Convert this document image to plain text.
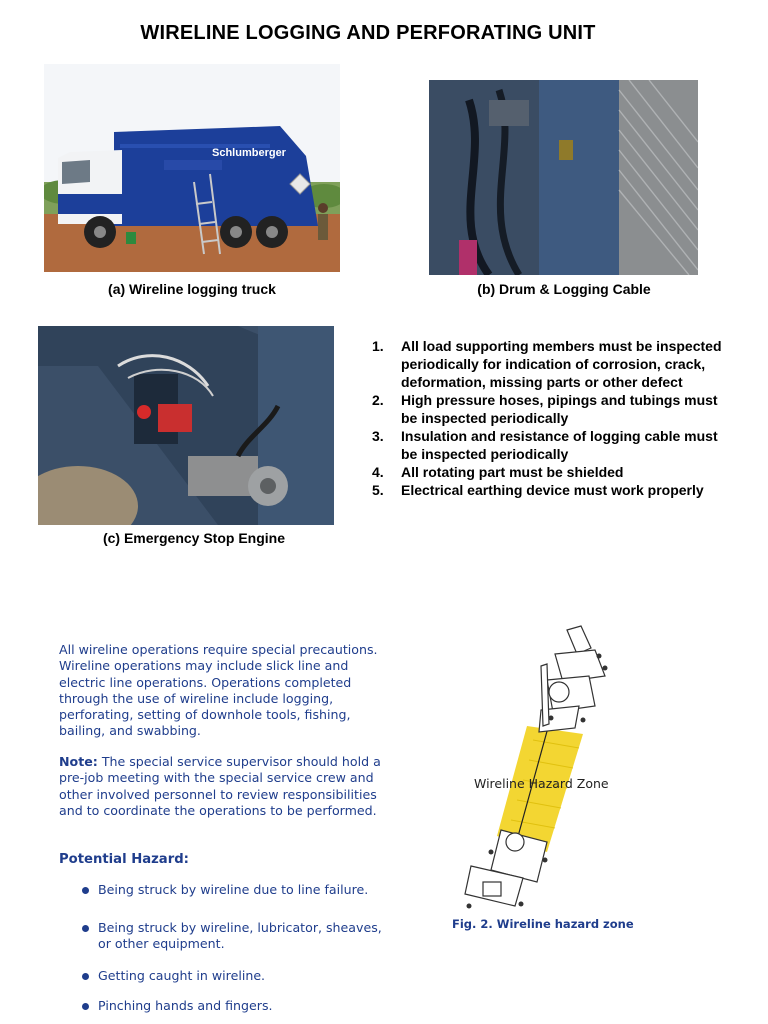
WIRELINE LOGGING AND PERFORATING UNIT
Schlumberger
(a) Wireline logging truck	(b) Drum & Logging Cable
(c) Emergency Stop Engine
1. All load supporting members must be inspected periodically for indication of corrosion, crack, deformation, missing parts or other defect
2. High pressure hoses, pipings and tubings must be inspected periodically
3. Insulation and resistance of logging cable must be inspected periodically
4. All rotating part must be shielded
5. Electrical earthing device must work properly
All wireline operations require special precautions. Wireline operations may include slick line and electric line operations. Operations completed through the use of wireline include logging, perforating, setting of downhole tools, fishing, bailing, and swabbing.
Note: The special service supervisor should hold a pre-job meeting with the special service crew and other involved personnel to review responsibilities and to coordinate the operations to be performed.
Potential Hazard:
Being struck by wireline due to line failure.
Being struck by wireline, lubricator, sheaves, or other equipment.
Getting caught in wireline.
Pinching hands and fingers.
Wireline Hazard Zone
Fig. 2. Wireline hazard zone
